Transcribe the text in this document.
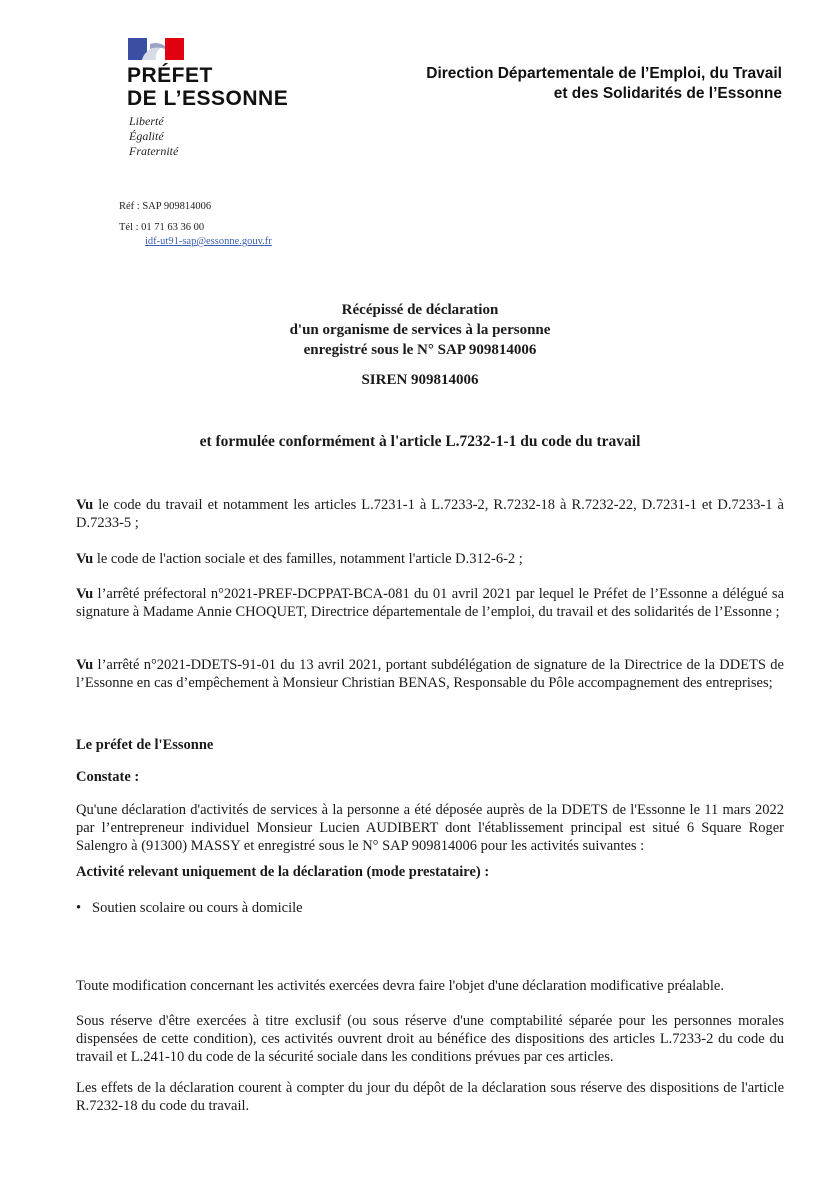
PRÉFET
DE L’ESSONNE
Liberté
Égalité
Fraternité
Direction Départementale de l’Emploi, du Travail
et des Solidarités de l’Essonne
Réf : SAP 909814006
Tél : 01 71 63 36 00
idf-ut91-sap@essonne.gouv.fr
Récépissé de déclaration
d'un organisme de services à la personne
enregistré sous le N° SAP 909814006
SIREN 909814006
et formulée conformément à l'article L.7232-1-1 du code du travail
Vu le code du travail et notamment les articles L.7231-1 à L.7233-2, R.7232-18 à R.7232-22, D.7231-1 et D.7233-1 à D.7233-5 ;
Vu le code de l'action sociale et des familles, notamment l'article D.312-6-2 ;
Vu l’arrêté préfectoral n°2021-PREF-DCPPAT-BCA-081 du 01 avril 2021 par lequel le Préfet de l’Essonne a délégué sa signature à Madame Annie CHOQUET, Directrice départementale de l’emploi, du travail et des solidarités de l’Essonne ;
Vu l’arrêté n°2021-DDETS-91-01 du 13 avril 2021, portant subdélégation de signature de la Directrice de la DDETS de l’Essonne en cas d’empêchement à Monsieur Christian BENAS, Responsable du Pôle accompagnement des entreprises;
Le préfet de l'Essonne
Constate :
Qu'une déclaration d'activités de services à la personne a été déposée auprès de la DDETS de l'Essonne le 11 mars 2022 par l’entrepreneur individuel Monsieur Lucien AUDIBERT dont l'établissement principal est situé 6 Square Roger Salengro à (91300) MASSY et enregistré sous le N° SAP 909814006 pour les activités suivantes :
Activité relevant uniquement de la déclaration (mode prestataire) :
• Soutien scolaire ou cours à domicile
Toute modification concernant les activités exercées devra faire l'objet d'une déclaration modificative préalable.
Sous réserve d'être exercées à titre exclusif (ou sous réserve d'une comptabilité séparée pour les personnes morales dispensées de cette condition), ces activités ouvrent droit au bénéfice des dispositions des articles L.7233-2 du code du travail et L.241-10 du code de la sécurité sociale dans les conditions prévues par ces articles.
Les effets de la déclaration courent à compter du jour du dépôt de la déclaration sous réserve des dispositions de l'article R.7232-18 du code du travail.
